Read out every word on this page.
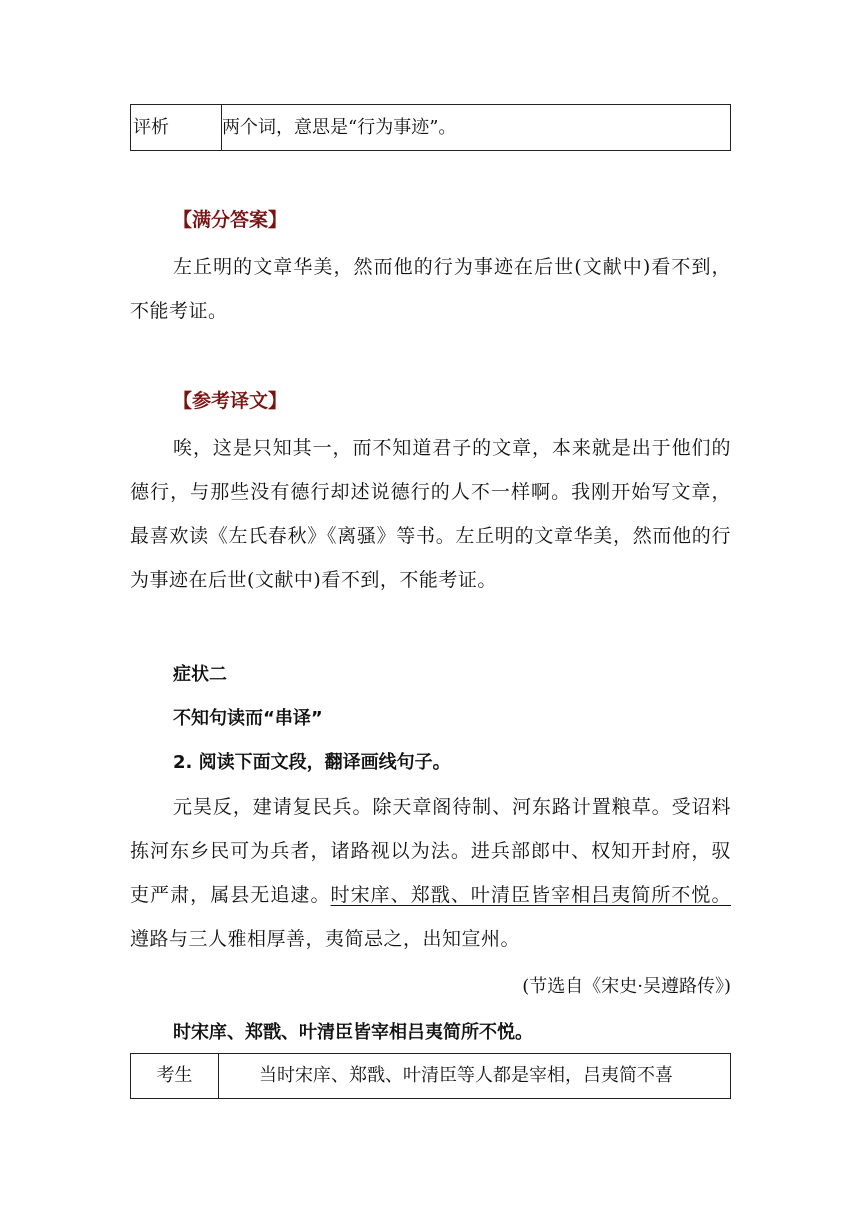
评析	两个词，意思是“行为事迹”。
【满分答案】
左丘明的文章华美，然而他的行为事迹在后世(文献中)看不到，不能考证。
【参考译文】
唉，这是只知其一，而不知道君子的文章，本来就是出于他们的德行，与那些没有德行却述说德行的人不一样啊。我刚开始写文章，最喜欢读《左氏春秋》《离骚》等书。左丘明的文章华美，然而他的行为事迹在后世(文献中)看不到，不能考证。
症状二
不知句读而“串译”
2. 阅读下面文段，翻译画线句子。
元昊反，建请复民兵。除天章阁待制、河东路计置粮草。受诏料拣河东乡民可为兵者，诸路视以为法。进兵部郎中、权知开封府，驭吏严肃，属县无追逮。时宋庠、郑戬、叶清臣皆宰相吕夷简所不悦。遵路与三人雅相厚善，夷简忌之，出知宣州。
(节选自《宋史·吴遵路传》)
时宋庠、郑戬、叶清臣皆宰相吕夷简所不悦。
考生	当时宋庠、郑戬、叶清臣等人都是宰相，吕夷简不喜
